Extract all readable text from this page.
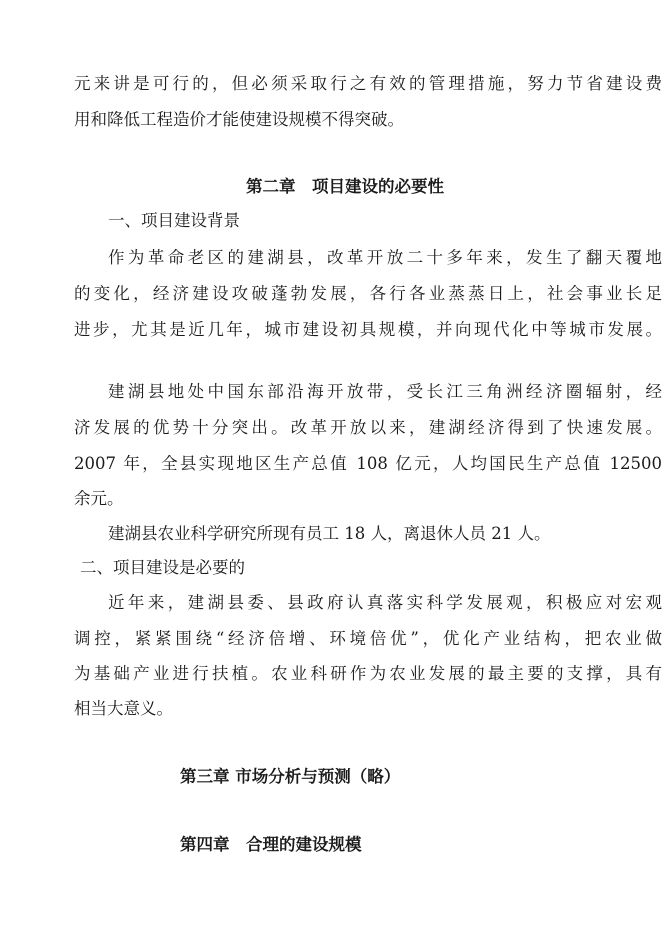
元来讲是可行的，但必须采取行之有效的管理措施，努力节省建设费
用和降低工程造价才能使建设规模不得突破。
第二章　项目建设的必要性
一、项目建设背景
作为革命老区的建湖县，改革开放二十多年来，发生了翻天覆地
的变化，经济建设攻破蓬勃发展，各行各业蒸蒸日上，社会事业长足
进步，尤其是近几年，城市建设初具规模，并向现代化中等城市发展。
建湖县地处中国东部沿海开放带，受长江三角洲经济圈辐射，经
济发展的优势十分突出。改革开放以来，建湖经济得到了快速发展。
2007 年，全县实现地区生产总值 108 亿元，人均国民生产总值 12500
余元。
建湖县农业科学研究所现有员工 18 人，离退休人员 21 人。
二、项目建设是必要的
近年来，建湖县委、县政府认真落实科学发展观，积极应对宏观
调控，紧紧围绕“经济倍增、环境倍优”，优化产业结构，把农业做
为基础产业进行扶植。农业科研作为农业发展的最主要的支撑，具有
相当大意义。
第三章 市场分析与预测（略）
第四章　合理的建设规模
